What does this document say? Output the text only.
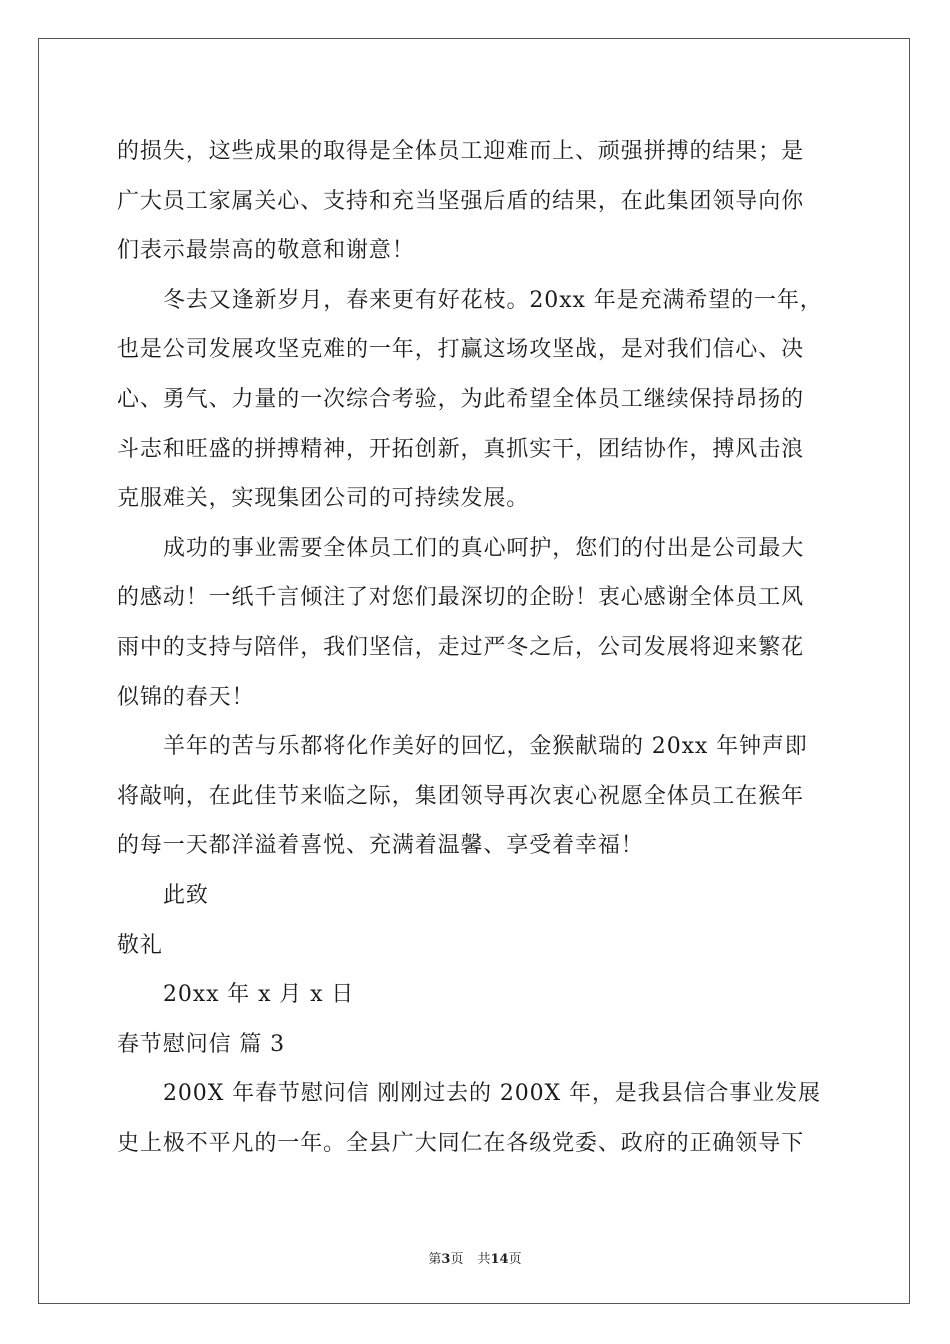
的损失，这些成果的取得是全体员工迎难而上、顽强拼搏的结果；是
广大员工家属关心、支持和充当坚强后盾的结果，在此集团领导向你
们表示最崇高的敬意和谢意！
冬去又逢新岁月，春来更有好花枝。20xx 年是充满希望的一年，
也是公司发展攻坚克难的一年，打赢这场攻坚战，是对我们信心、决
心、勇气、力量的一次综合考验，为此希望全体员工继续保持昂扬的
斗志和旺盛的拼搏精神，开拓创新，真抓实干，团结协作，搏风击浪
克服难关，实现集团公司的可持续发展。
成功的事业需要全体员工们的真心呵护，您们的付出是公司最大
的感动！一纸千言倾注了对您们最深切的企盼！衷心感谢全体员工风
雨中的支持与陪伴，我们坚信，走过严冬之后，公司发展将迎来繁花
似锦的春天！
羊年的苦与乐都将化作美好的回忆，金猴献瑞的 20xx 年钟声即
将敲响，在此佳节来临之际，集团领导再次衷心祝愿全体员工在猴年
的每一天都洋溢着喜悦、充满着温馨、享受着幸福！
此致
敬礼
20xx 年 x 月 x 日
春节慰问信 篇 3
200X 年春节慰问信 刚刚过去的 200X 年，是我县信合事业发展
史上极不平凡的一年。全县广大同仁在各级党委、政府的正确领导下
第3页 共14页
